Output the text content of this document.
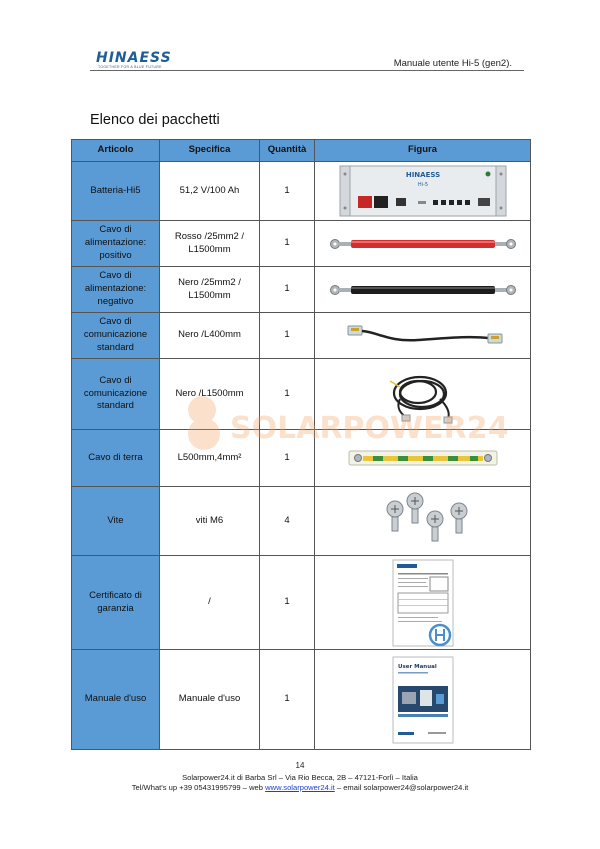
HINAESS
TOGETHER FOR A BLUE FUTURE	Manuale utente Hi-5 (gen2).
Elenco dei pacchetti
Articolo	Specifica	Quantità	Figura
Batteria-Hi5	51,2 V/100 Ah	1	HINAESS
Hi-5

Cavo di alimentazione: positivo	Rosso /25mm2 / L1500mm	1	

Cavo di alimentazione: negativo	Nero /25mm2 / L1500mm	1	

Cavo di comunicazione standard	Nero /L400mm	1	

Cavo di comunicazione standard	Nero /L1500mm	1	

Cavo di terra	L500mm,4mm²	1	

Vite	viti M6	4	

Certificato di garanzia	/	1	

Manuale d'uso	Manuale d'uso	1	User Manual
SOLARPOWER24
14
Solarpower24.it di Barba Srl – Via Rio Becca, 2B – 47121-Forlì – Italia
Tel/What's up +39 05431995799 – web www.solarpower24.it – email solarpower24@solarpower24.it
